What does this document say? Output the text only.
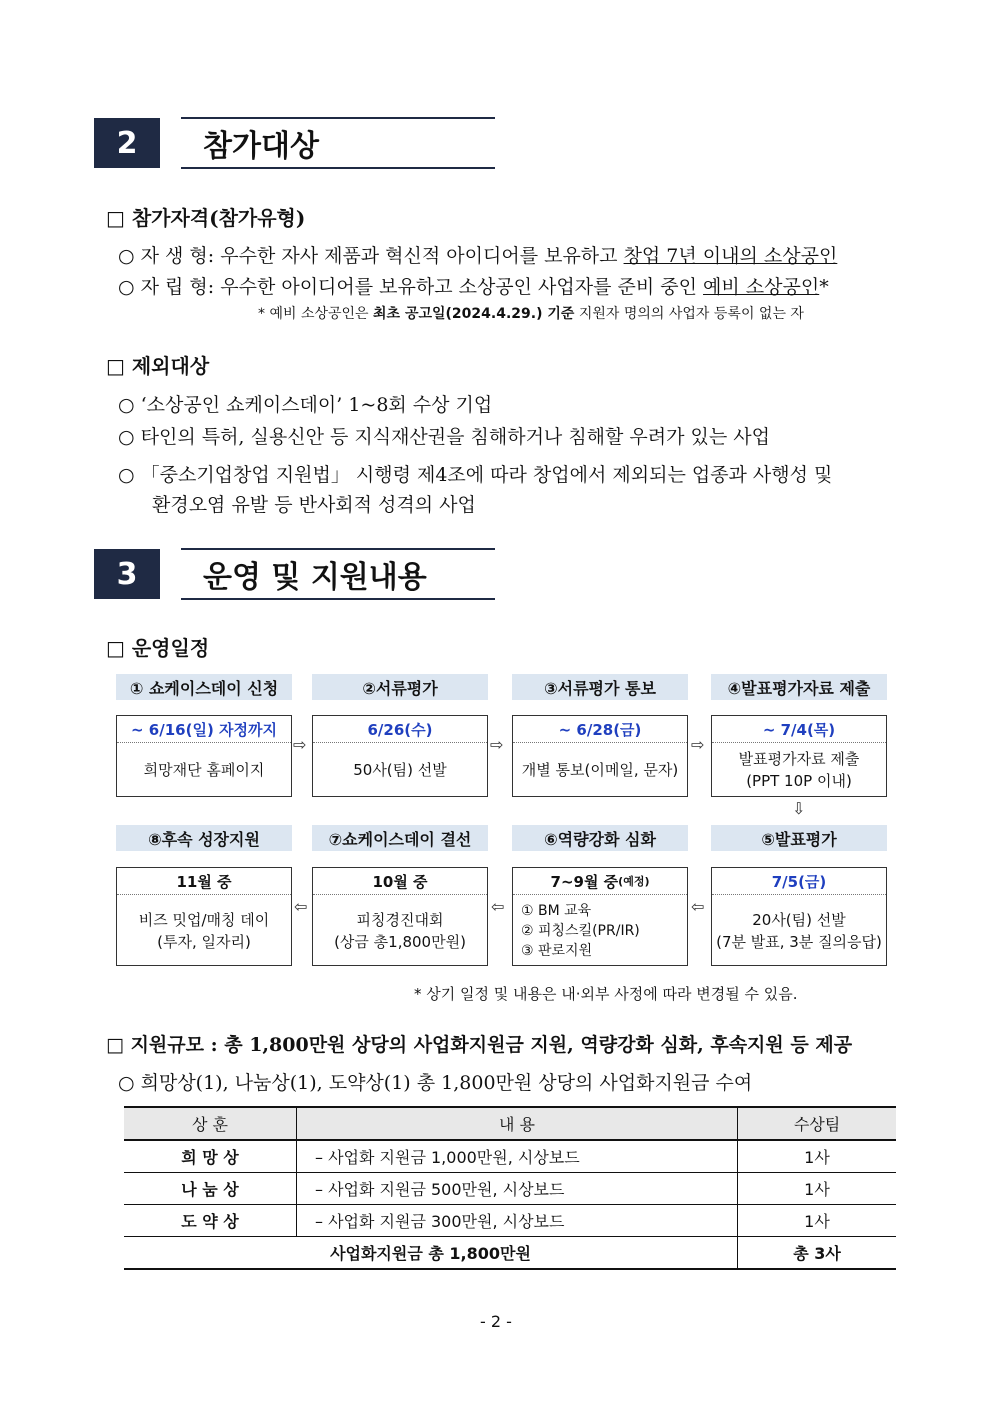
2	참가대상
□ 참가자격(참가유형)
○ 자 생 형: 우수한 자사 제품과 혁신적 아이디어를 보유하고 창업 7년 이내의 소상공인
○ 자 립 형: 우수한 아이디어를 보유하고 소상공인 사업자를 준비 중인 예비 소상공인*
* 예비 소상공인은 최초 공고일(2024.4.29.) 기준 지원자 명의의 사업자 등록이 없는 자
□ 제외대상
○ ‘소상공인 쇼케이스데이’ 1~8회 수상 기업
○ 타인의 특허, 실용신안 등 지식재산권을 침해하거나 침해할 우려가 있는 사업
○ 「중소기업창업 지원법」 시행령 제4조에 따라 창업에서 제외되는 업종과 사행성 및
환경오염 유발 등 반사회적 성격의 사업
3	운영 및 지원내용
□ 운영일정
① 쇼케이스데이 신청	②서류평가	③서류평가 통보	④발표평가자료 제출
~ 6/16(일) 자정까지
희망재단 홈페이지
6/26(수)
50사(팀) 선발
~ 6/28(금)
개별 통보(이메일, 문자)
~ 7/4(목)
발표평가자료 제출
(PPT 10P 이내)
⇨	⇨	⇨
⇩
⑧후속 성장지원	⑦쇼케이스데이 결선	⑥역량강화 심화	⑤발표평가
11월 중
비즈 밋업/매칭 데이
(투자, 일자리)
10월 중
피칭경진대회
(상금 총1,800만원)
7~9월 중 (예정)
① BM 교육
② 피칭스킬(PR/IR)
③ 판로지원
7/5(금)
20사(팀) 선발
(7분 발표, 3분 질의응답)
⇦	⇦	⇦
* 상기 일정 및 내용은 내·외부 사정에 따라 변경될 수 있음.
□ 지원규모 : 총 1,800만원 상당의 사업화지원금 지원, 역량강화 심화, 후속지원 등 제공
○ 희망상(1), 나눔상(1), 도약상(1) 총 1,800만원 상당의 사업화지원금 수여
상 훈	내 용	수상팀
희 망 상	– 사업화 지원금 1,000만원, 시상보드	1사
나 눔 상	– 사업화 지원금 500만원, 시상보드	1사
도 약 상	– 사업화 지원금 300만원, 시상보드	1사
사업화지원금 총 1,800만원		총 3사
- 2 -
